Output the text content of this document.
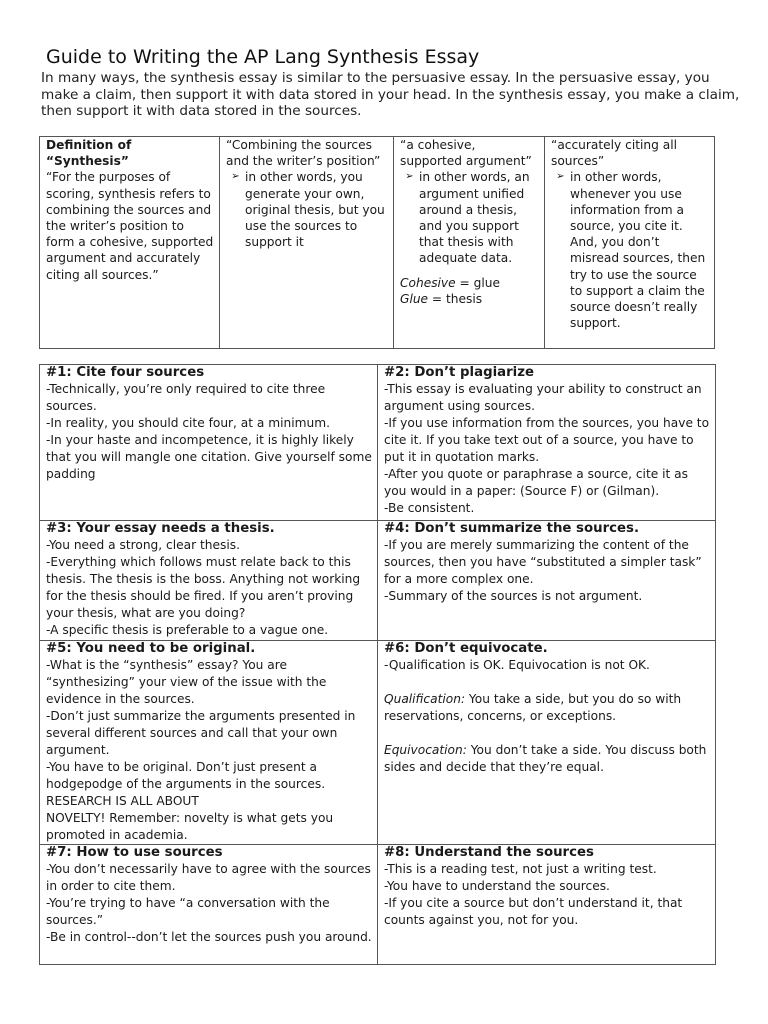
Guide to Writing the AP Lang Synthesis Essay

In many ways, the synthesis essay is similar to the persuasive essay. In the persuasive essay, you make a claim, then support it with data stored in your head. In the synthesis essay, you make a claim, then support it with data stored in the sources.

Definition of “Synthesis”
“For the purposes of scoring, synthesis refers to combining the sources and the writer’s position to form a cohesive, supported argument and accurately citing all sources.”
“Combining the sources and the writer’s position”
➢ in other words, you generate your own, original thesis, but you use the sources to support it
“a cohesive, supported argument”
➢ in other words, an argument unified around a thesis, and you support that thesis with adequate data.
Cohesive = glue
Glue = thesis
“accurately citing all sources”
➢ in other words, whenever you use information from a source, you cite it. And, you don’t misread sources, then try to use the source to support a claim the source doesn’t really support.
#1: Cite four sources

-Technically, you’re only required to cite three sources.

-In reality, you should cite four, at a minimum.

-In your haste and incompetence, it is highly likely

that you will mangle one citation. Give yourself some padding

#2: Don’t plagiarize

-This essay is evaluating your ability to construct an argument using sources.

-If you use information from the sources, you have to cite it. If you take text out of a source, you have to put it in quotation marks.

-After you quote or paraphrase a source, cite it as you would in a paper: (Source F) or (Gilman).

-Be consistent.

#3: Your essay needs a thesis.

-You need a strong, clear thesis.

-Everything which follows must relate back to this thesis. The thesis is the boss. Anything not working for the thesis should be fired. If you aren’t proving your thesis, what are you doing?

-A specific thesis is preferable to a vague one.

#4: Don’t summarize the sources.

-If you are merely summarizing the content of the sources, then you have “substituted a simpler task” for a more complex one.

-Summary of the sources is not argument.

#5: You need to be original.

-What is the “synthesis” essay? You are “synthesizing” your view of the issue with the evidence in the sources.

-Don’t just summarize the arguments presented in several different sources and call that your own argument.

-You have to be original. Don’t just present a hodgepodge of the arguments in the sources. RESEARCH IS ALL ABOUT

NOVELTY! Remember: novelty is what gets you promoted in academia.

#6: Don’t equivocate.

-Qualification is OK. Equivocation is not OK.

Qualification: You take a side, but you do so with reservations, concerns, or exceptions.

Equivocation: You don’t take a side. You discuss both sides and decide that they’re equal.

#7: How to use sources

-You don’t necessarily have to agree with the sources in order to cite them.

-You’re trying to have “a conversation with the sources.”

-Be in control--don’t let the sources push you around.

#8: Understand the sources

-This is a reading test, not just a writing test.

-You have to understand the sources.

-If you cite a source but don’t understand it, that counts against you, not for you.
